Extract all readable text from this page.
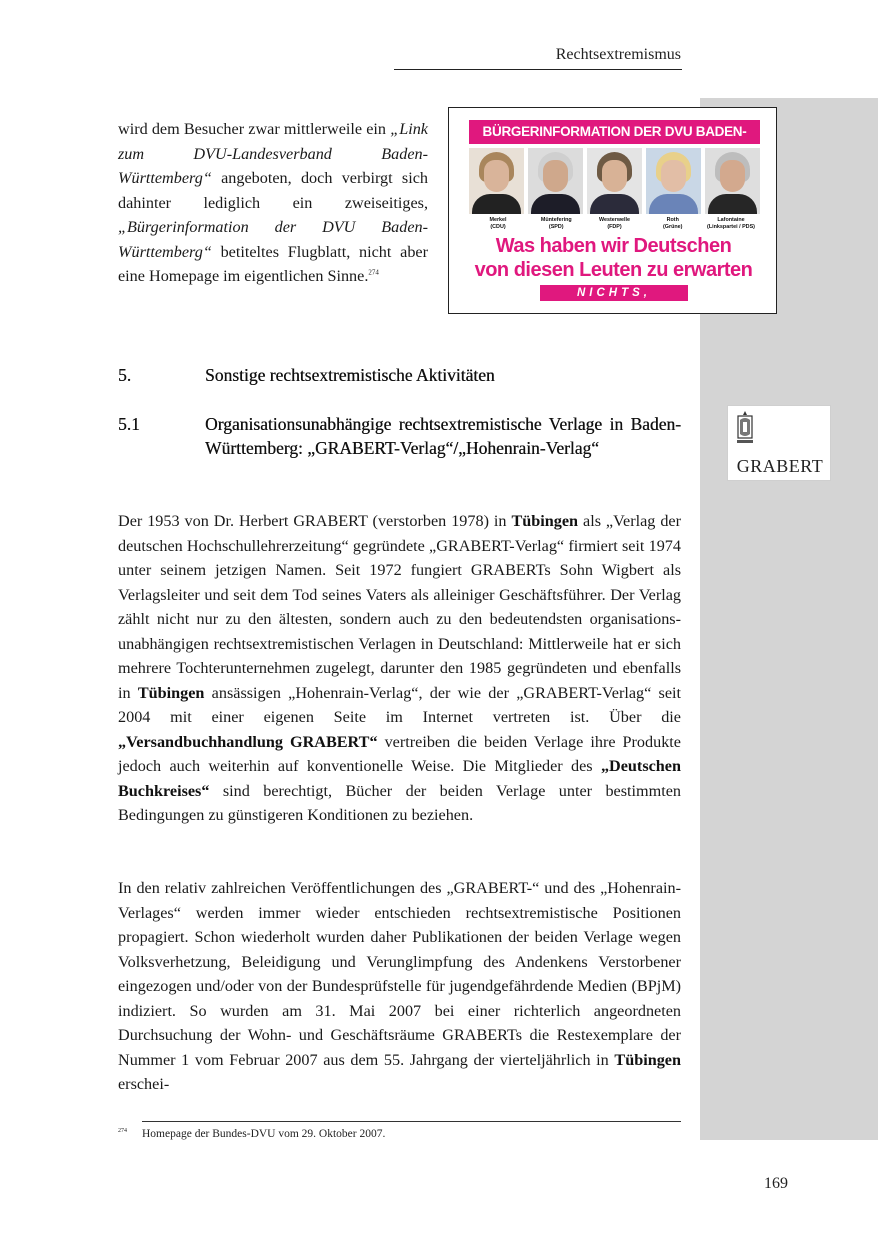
Rechtsextremismus
wird dem Besucher zwar mittlerweile ein „Link zum DVU-Landesverband Baden-Württemberg“ angeboten, doch verbirgt sich dahinter lediglich ein zweiseitiges, „Bürgerinformation der DVU Baden-Württemberg“ betiteltes Flugblatt, nicht aber eine Homepage im eigentlichen Sinne.$^{274}$
BÜRGERINFORMATION DER DVU BADEN- MBERG
Merkel
(CDU)
Müntefering
(SPD)
Westerwelle
(FDP)
Roth
(Grüne)
Lafontaine
(Linkspartei / PDS)
Was haben wir Deutschen
von diesen Leuten zu erwarten
NICHTS,
5.	Sonstige rechtsextremistische Aktivitäten
5.1	Organisationsunabhängige rechtsextremistische Verlage in Baden-Württemberg: „GRABERT-Verlag“/„Hohenrain-Verlag“
GRABERT
Der 1953 von Dr. Herbert GRABERT (verstorben 1978) in Tübingen als „Verlag der deutschen Hochschullehrerzeitung“ gegründete „GRABERT-Verlag“ firmiert seit 1974 unter seinem jetzigen Namen. Seit 1972 fungiert GRABERTs Sohn Wigbert als Verlagsleiter und seit dem Tod seines Vaters als alleiniger Geschäftsführer. Der Verlag zählt nicht nur zu den ältesten, sondern auch zu den bedeutendsten organisations-unabhängigen rechtsextremistischen Verlagen in Deutschland: Mittlerweile hat er sich mehrere Tochterunternehmen zugelegt, darunter den 1985 gegründeten und ebenfalls in Tübingen ansässigen „Hohenrain-Verlag“, der wie der „GRABERT-Verlag“ seit 2004 mit einer eigenen Seite im Internet vertreten ist. Über die „Versandbuchhandlung GRABERT“ vertreiben die beiden Verlage ihre Produkte jedoch auch weiterhin auf konventionelle Weise. Die Mitglieder des „Deutschen Buchkreises“ sind berechtigt, Bücher der beiden Verlage unter bestimmten Bedingungen zu günstigeren Konditionen zu beziehen.
In den relativ zahlreichen Veröffentlichungen des „GRABERT-“ und des „Hohenrain-Verlages“ werden immer wieder entschieden rechtsextremistische Positionen propagiert. Schon wiederholt wurden daher Publikationen der beiden Verlage wegen Volksverhetzung, Beleidigung und Verunglimpfung des Andenkens Verstorbener eingezogen und/oder von der Bundesprüfstelle für jugendgefährdende Medien (BPjM) indiziert. So wurden am 31. Mai 2007 bei einer richterlich angeordneten Durchsuchung der Wohn- und Geschäftsräume GRABERTs die Restexemplare der Nummer 1 vom Februar 2007 aus dem 55. Jahrgang der vierteljährlich in Tübingen erschei-
274 Homepage der Bundes-DVU vom 29. Oktober 2007.
169
